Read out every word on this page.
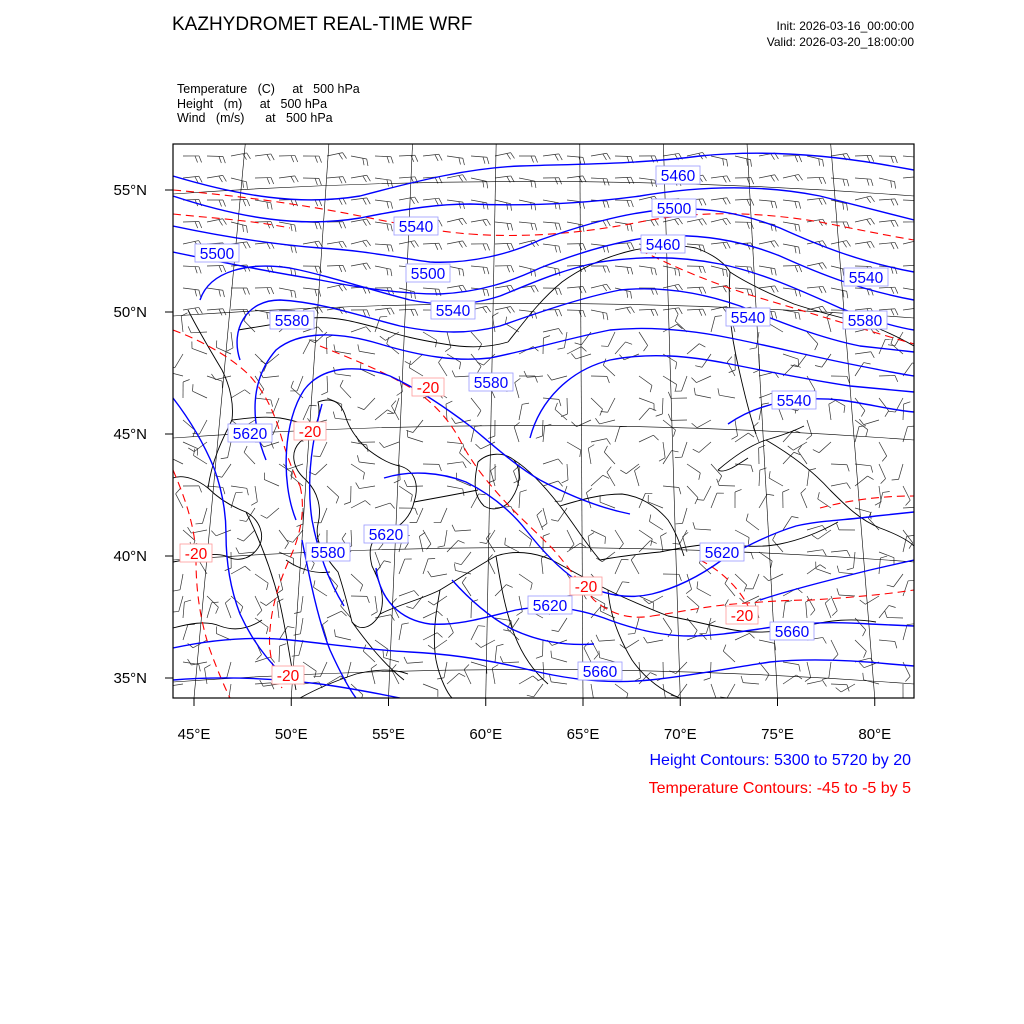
KAZHYDROMET REAL-TIME WRF	Init: 2026-03-16_00:00:00
Valid: 2026-03-20_18:00:00
Temperature (C) at   500 hPa
Height (m) at   500 hPa
Wind (m/s) at   500 hPa
55°N
50°N
45°N
40°N
35°N
45°E	50°E	55°E	60°E	65°E	70°E	75°E	80°E
5460
5500
5540
5460
5500	5540
5500
5540
5580	5540	5580
5580
5620
5540
5620
5580	5620
5620
5660
5660
-20
-20
-20
-20
-20
-20
Height Contours: 5300 to 5720 by 20
Temperature Contours: -45 to -5 by 5
